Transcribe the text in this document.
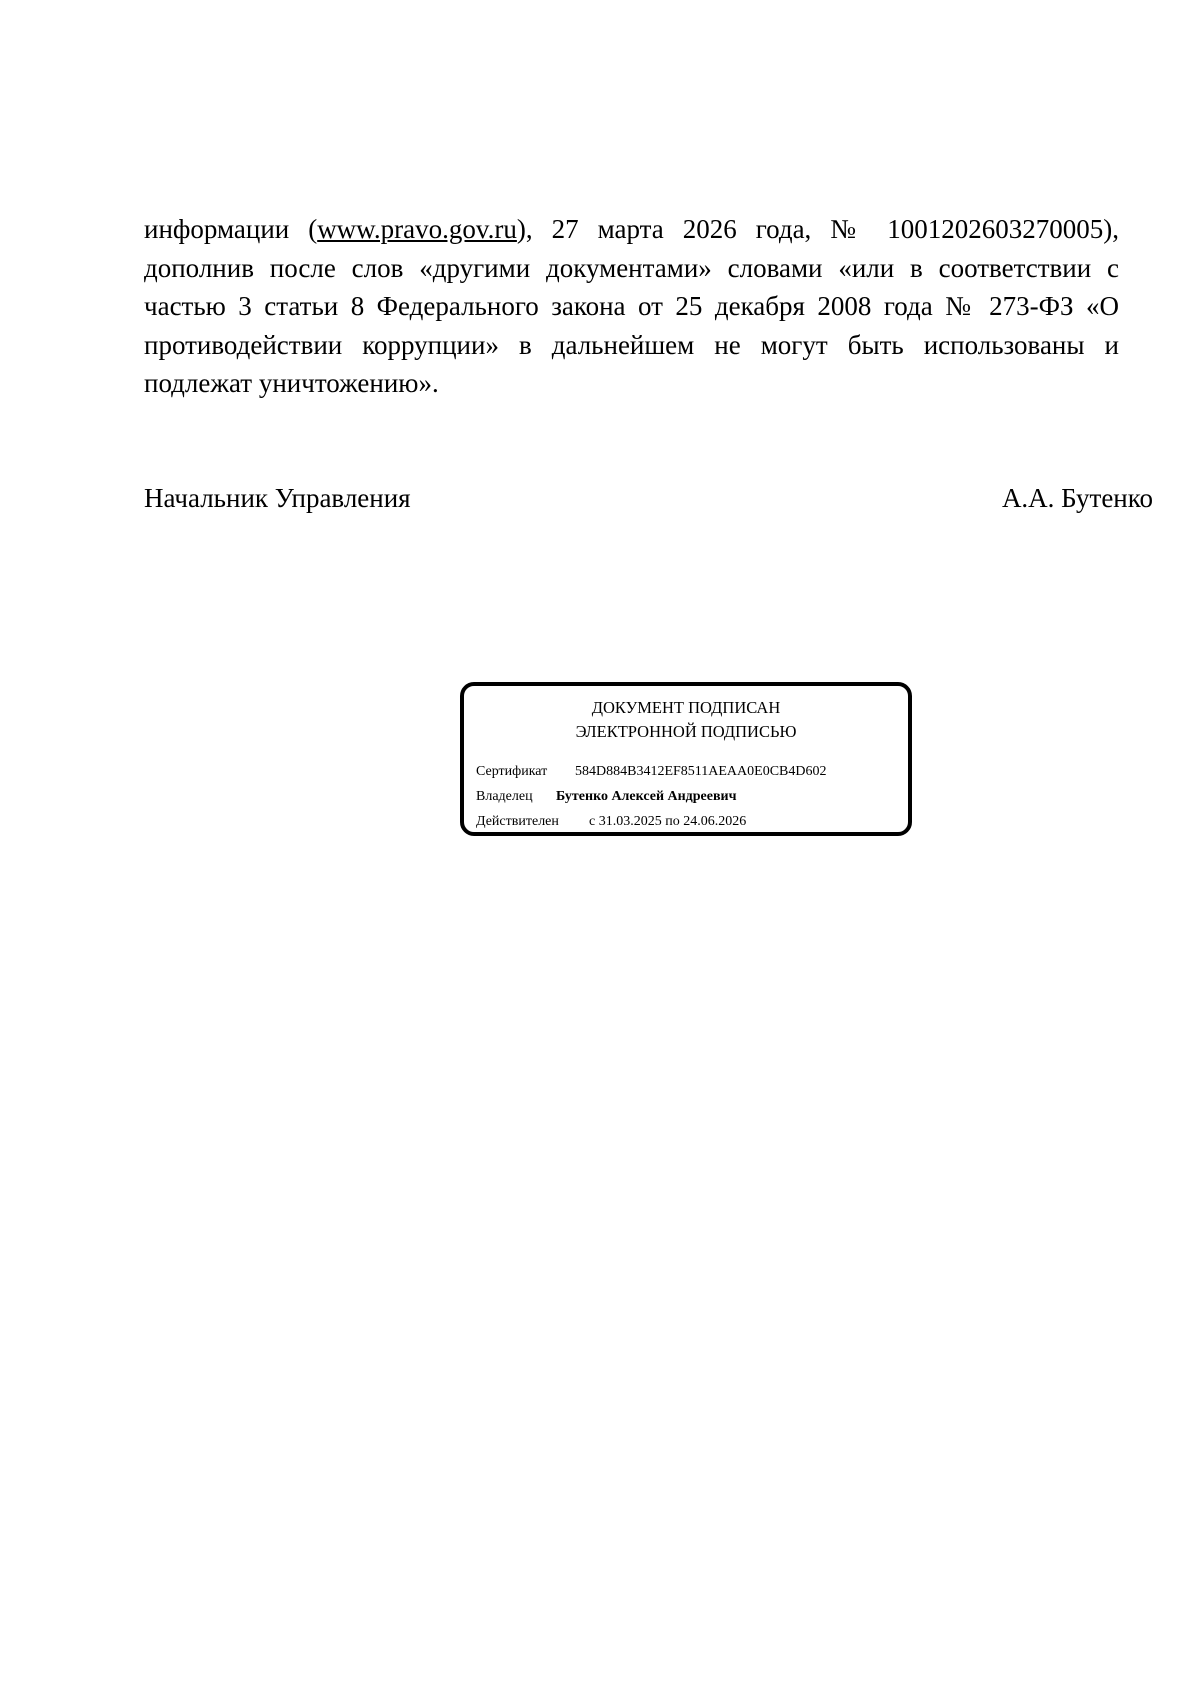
информации (www.pravo.gov.ru), 27 марта 2026 года, № 1001202603270005),
дополнив после слов «другими документами» словами «или в соответствии с
частью 3 статьи 8 Федерального закона от 25 декабря 2008 года № 273-ФЗ «О
противодействии коррупции» в дальнейшем не могут быть использованы и
подлежат уничтожению».
Начальник Управления	А.А. Бутенко
ДОКУМЕНТ ПОДПИСАН
ЭЛЕКТРОННОЙ ПОДПИСЬЮ
Сертификат 584D884B3412EF8511AEAA0E0CB4D602
Владелец Бутенко Алексей Андреевич
Действителен с 31.03.2025 по 24.06.2026
